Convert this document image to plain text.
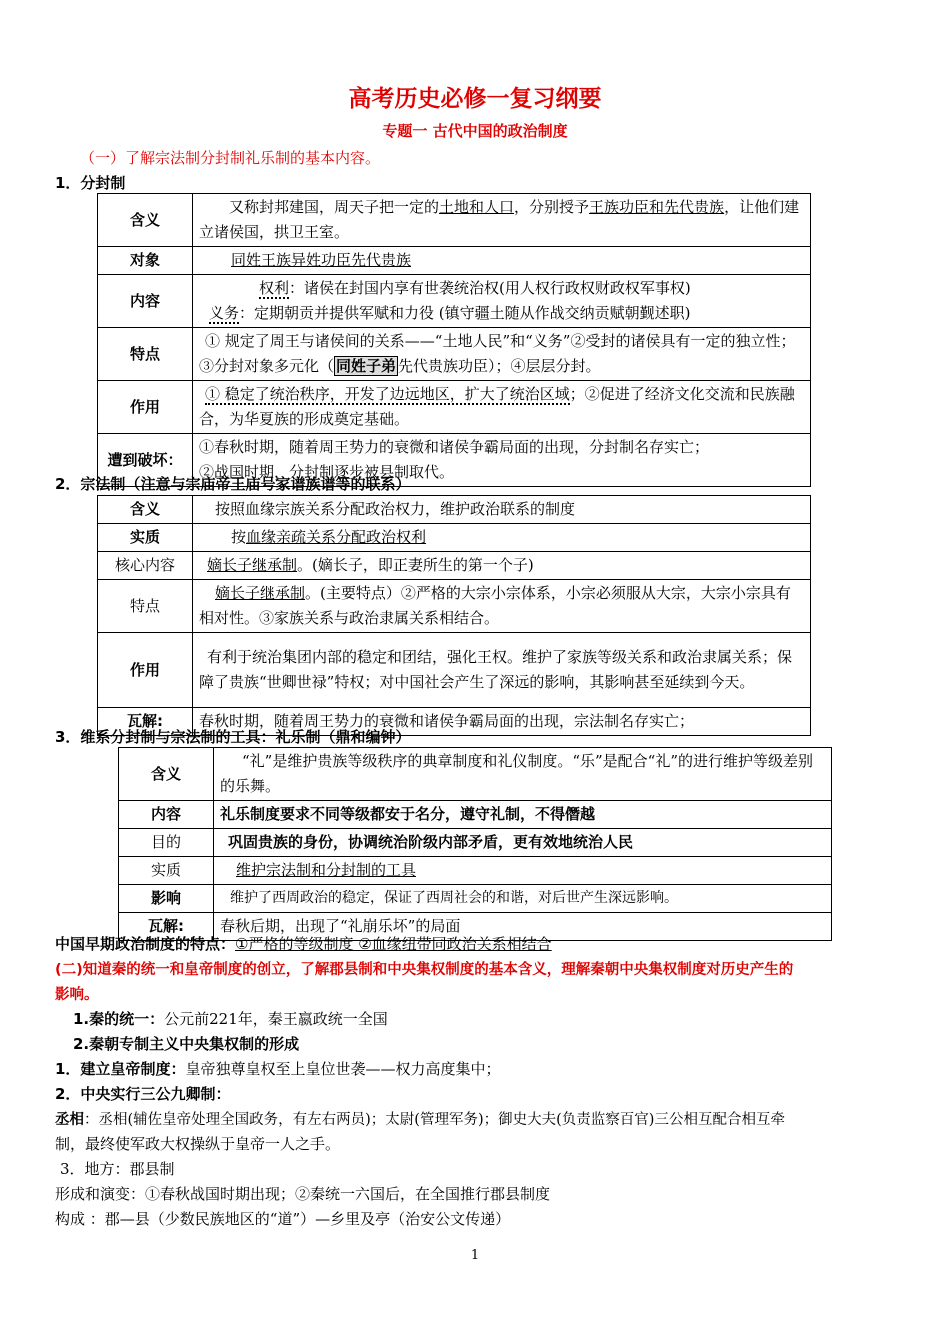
高考历史必修一复习纲要
专题一 古代中国的政治制度
（一）了解宗法制分封制礼乐制的基本内容。
1．分封制
含义	又称封邦建国，周天子把一定的土地和人口，分别授予王族功臣和先代贵族，让他们建立诸侯国，拱卫王室。
对象	同姓王族异姓功臣先代贵族
内容	权利：诸侯在封国内享有世袭统治权(用人权行政权财政权军事权)
义务：定期朝贡并提供军赋和力役 (镇守疆土随从作战交纳贡赋朝觐述职)

特点	① 规定了周王与诸侯间的关系——“土地人民”和“义务”②受封的诸侯具有一定的独立性；③分封对象多元化（ 同姓子弟 先代贵族功臣）；④层层分封。
作用	① 稳定了统治秩序，开发了边远地区，扩大了统治区域；②促进了经济文化交流和民族融合，为华夏族的形成奠定基础。
遭到破坏：	①春秋时期，随着周王势力的衰微和诸侯争霸局面的出现，分封制名存实亡；
②战国时期，分封制逐步被县制取代。
2．宗法制（注意与宗庙帝王庙号家谱族谱等的联系）
含义	按照血缘宗族关系分配政治权力，维护政治联系的制度
实质	按血缘亲疏关系分配政治权利
核心内容	嫡长子继承制。(嫡长子，即正妻所生的第一个子)
特点	嫡长子继承制。(主要特点）②严格的大宗小宗体系，小宗必须服从大宗，大宗小宗具有相对性。③家族关系与政治隶属关系相结合。
作用	有利于统治集团内部的稳定和团结，强化王权。维护了家族等级关系和政治隶属关系；保障了贵族“世卿世禄”特权；对中国社会产生了深远的影响，其影响甚至延续到今天。
瓦解:	春秋时期，随着周王势力的衰微和诸侯争霸局面的出现，宗法制名存实亡；
3．维系分封制与宗法制的工具：礼乐制（鼎和编钟）
含义	“礼”是维护贵族等级秩序的典章制度和礼仪制度。“乐”是配合“礼”的进行维护等级差别的乐舞。
内容	礼乐制度要求不同等级都安于名分，遵守礼制，不得僭越
目的	巩固贵族的身份，协调统治阶级内部矛盾，更有效地统治人民
实质	维护宗法制和分封制的工具
影响	维护了西周政治的稳定，保证了西周社会的和谐，对后世产生深远影响。
瓦解:	春秋后期，出现了“礼崩乐坏”的局面
中国早期政治制度的特点：①严格的等级制度 ②血缘纽带同政治关系相结合
(二)知道秦的统一和皇帝制度的创立，了解郡县制和中央集权制度的基本含义，理解秦朝中央集权制度对历史产生的
影响。
1.秦的统一：公元前221年，秦王嬴政统一全国
2.秦朝专制主义中央集权制的形成
1．建立皇帝制度：皇帝独尊皇权至上皇位世袭——权力高度集中；
2．中央实行三公九卿制：
丞相：丞相(辅佐皇帝处理全国政务，有左右两员)；太尉(管理军务)；御史大夫(负责监察百官)三公相互配合相互牵
制，最终使军政大权操纵于皇帝一人之手。
3．地方：郡县制
形成和演变：①春秋战国时期出现；②秦统一六国后，在全国推行郡县制度
构成 ：郡—县（少数民族地区的“道”）—乡里及亭（治安公文传递）
1
